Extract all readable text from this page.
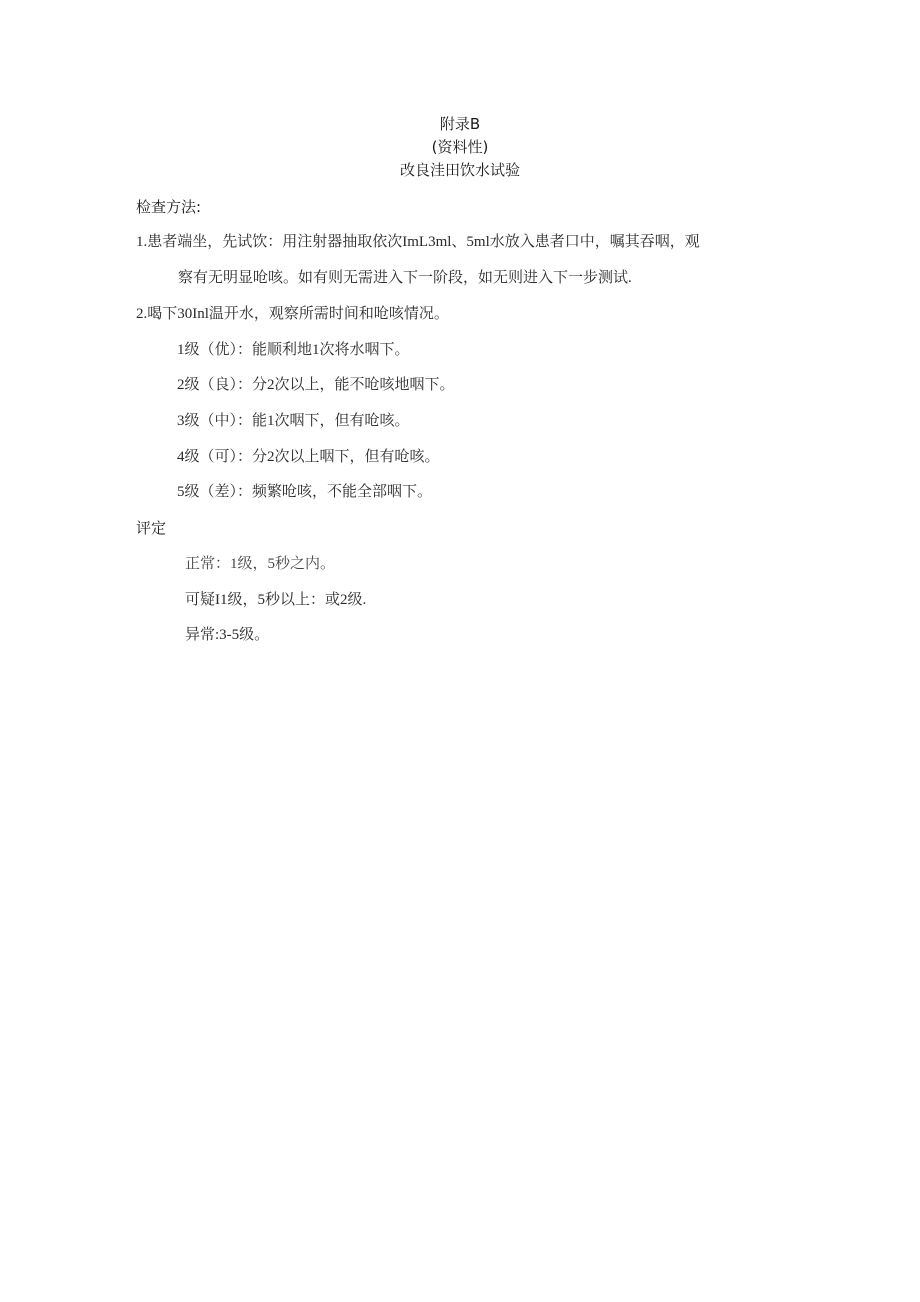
附录B
(资料性)
改良洼田饮水试验
检查方法:
1.患者端坐，先试饮：用注射器抽取依次ImL3ml、5ml水放入患者口中，嘱其吞咽，观
察有无明显呛咳。如有则无需进入下一阶段，如无则进入下一步测试.
2.喝下30Inl温开水，观察所需时间和呛咳情况。
1级（优）：能顺利地1次将水咽下。
2级（良）：分2次以上，能不呛咳地咽下。
3级（中）：能1次咽下，但有呛咳。
4级（可）：分2次以上咽下，但有呛咳。
5级（差）：频繁呛咳，不能全部咽下。
评定
正常：1级，5秒之内。
可疑I1级，5秒以上：或2级.
异常:3-5级。
